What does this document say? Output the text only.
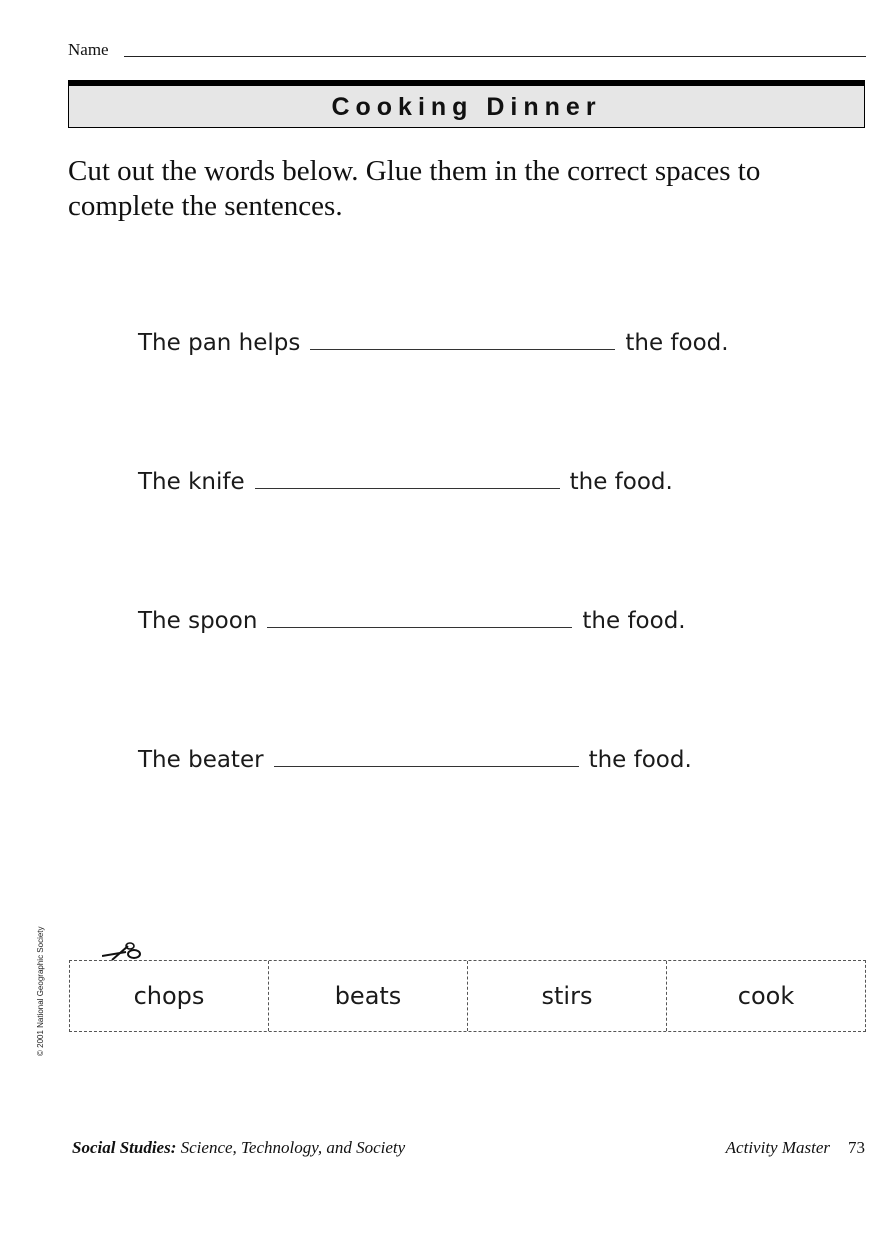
Name
Cooking Dinner
Cut out the words below. Glue them in the correct spaces to complete the sentences.
The pan helps	the food.
The knife	the food.
The spoon	the food.
The beater	the food.
chops	beats	stirs	cook
© 2001 National Geographic Society
Social Studies: Science, Technology, and Society	Activity Master 73
